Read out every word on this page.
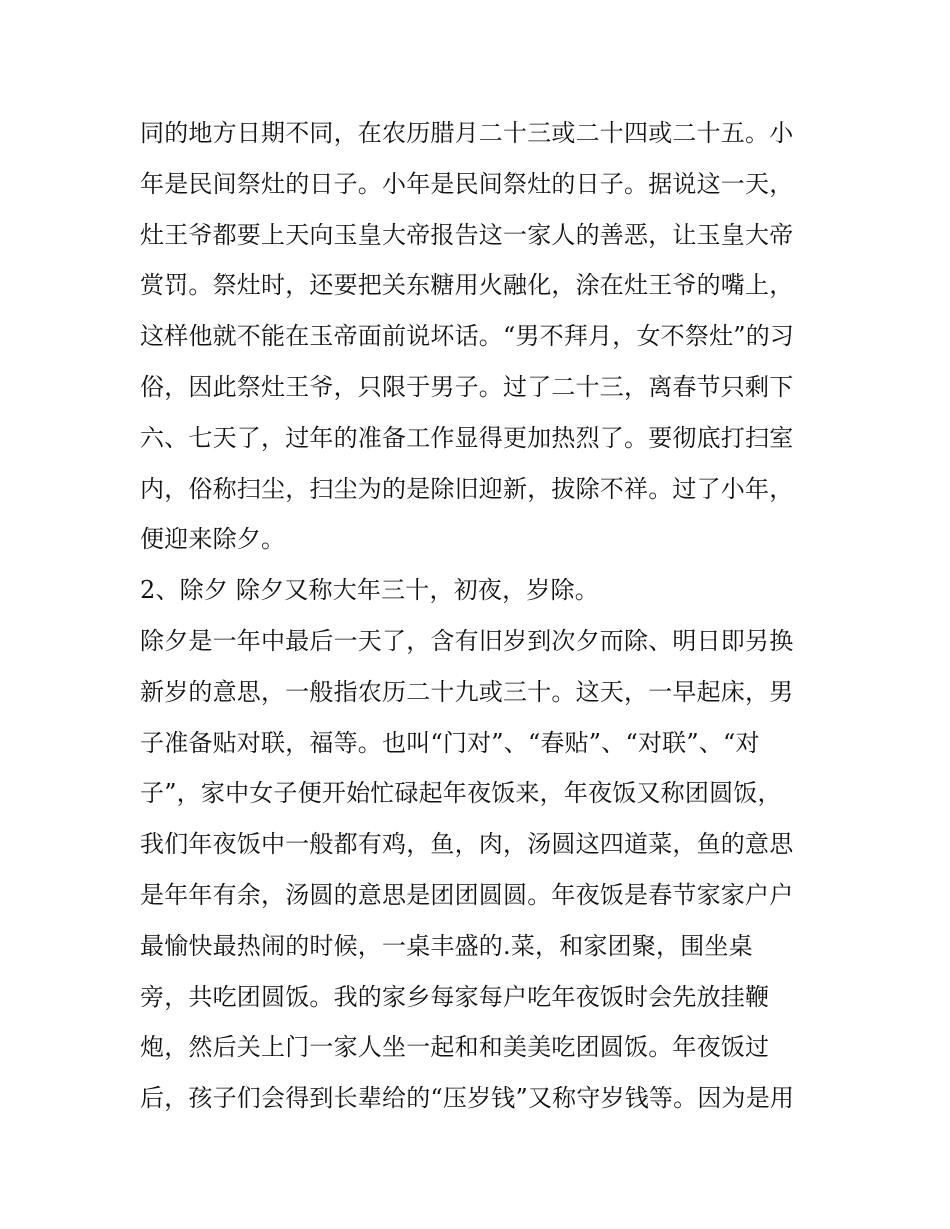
同的地方日期不同，在农历腊月二十三或二十四或二十五。小
年是民间祭灶的日子。小年是民间祭灶的日子。据说这一天，
灶王爷都要上天向玉皇大帝报告这一家人的善恶，让玉皇大帝
赏罚。祭灶时，还要把关东糖用火融化，涂在灶王爷的嘴上，
这样他就不能在玉帝面前说坏话。“男不拜月，女不祭灶”的习
俗，因此祭灶王爷，只限于男子。过了二十三，离春节只剩下
六、七天了，过年的准备工作显得更加热烈了。要彻底打扫室
内，俗称扫尘，扫尘为的是除旧迎新，拔除不祥。过了小年，
便迎来除夕。
2、除夕 除夕又称大年三十，初夜，岁除。
除夕是一年中最后一天了，含有旧岁到次夕而除、明日即另换
新岁的意思，一般指农历二十九或三十。这天，一早起床，男
子准备贴对联，福等。也叫“门对”、“春贴”、“对联”、“对
子”，家中女子便开始忙碌起年夜饭来，年夜饭又称团圆饭，
我们年夜饭中一般都有鸡，鱼，肉，汤圆这四道菜，鱼的意思
是年年有余，汤圆的意思是团团圆圆。年夜饭是春节家家户户
最愉快最热闹的时候，一桌丰盛的.菜，和家团聚，围坐桌
旁，共吃团圆饭。我的家乡每家每户吃年夜饭时会先放挂鞭
炮，然后关上门一家人坐一起和和美美吃团圆饭。年夜饭过
后，孩子们会得到长辈给的“压岁钱”又称守岁钱等。因为是用
